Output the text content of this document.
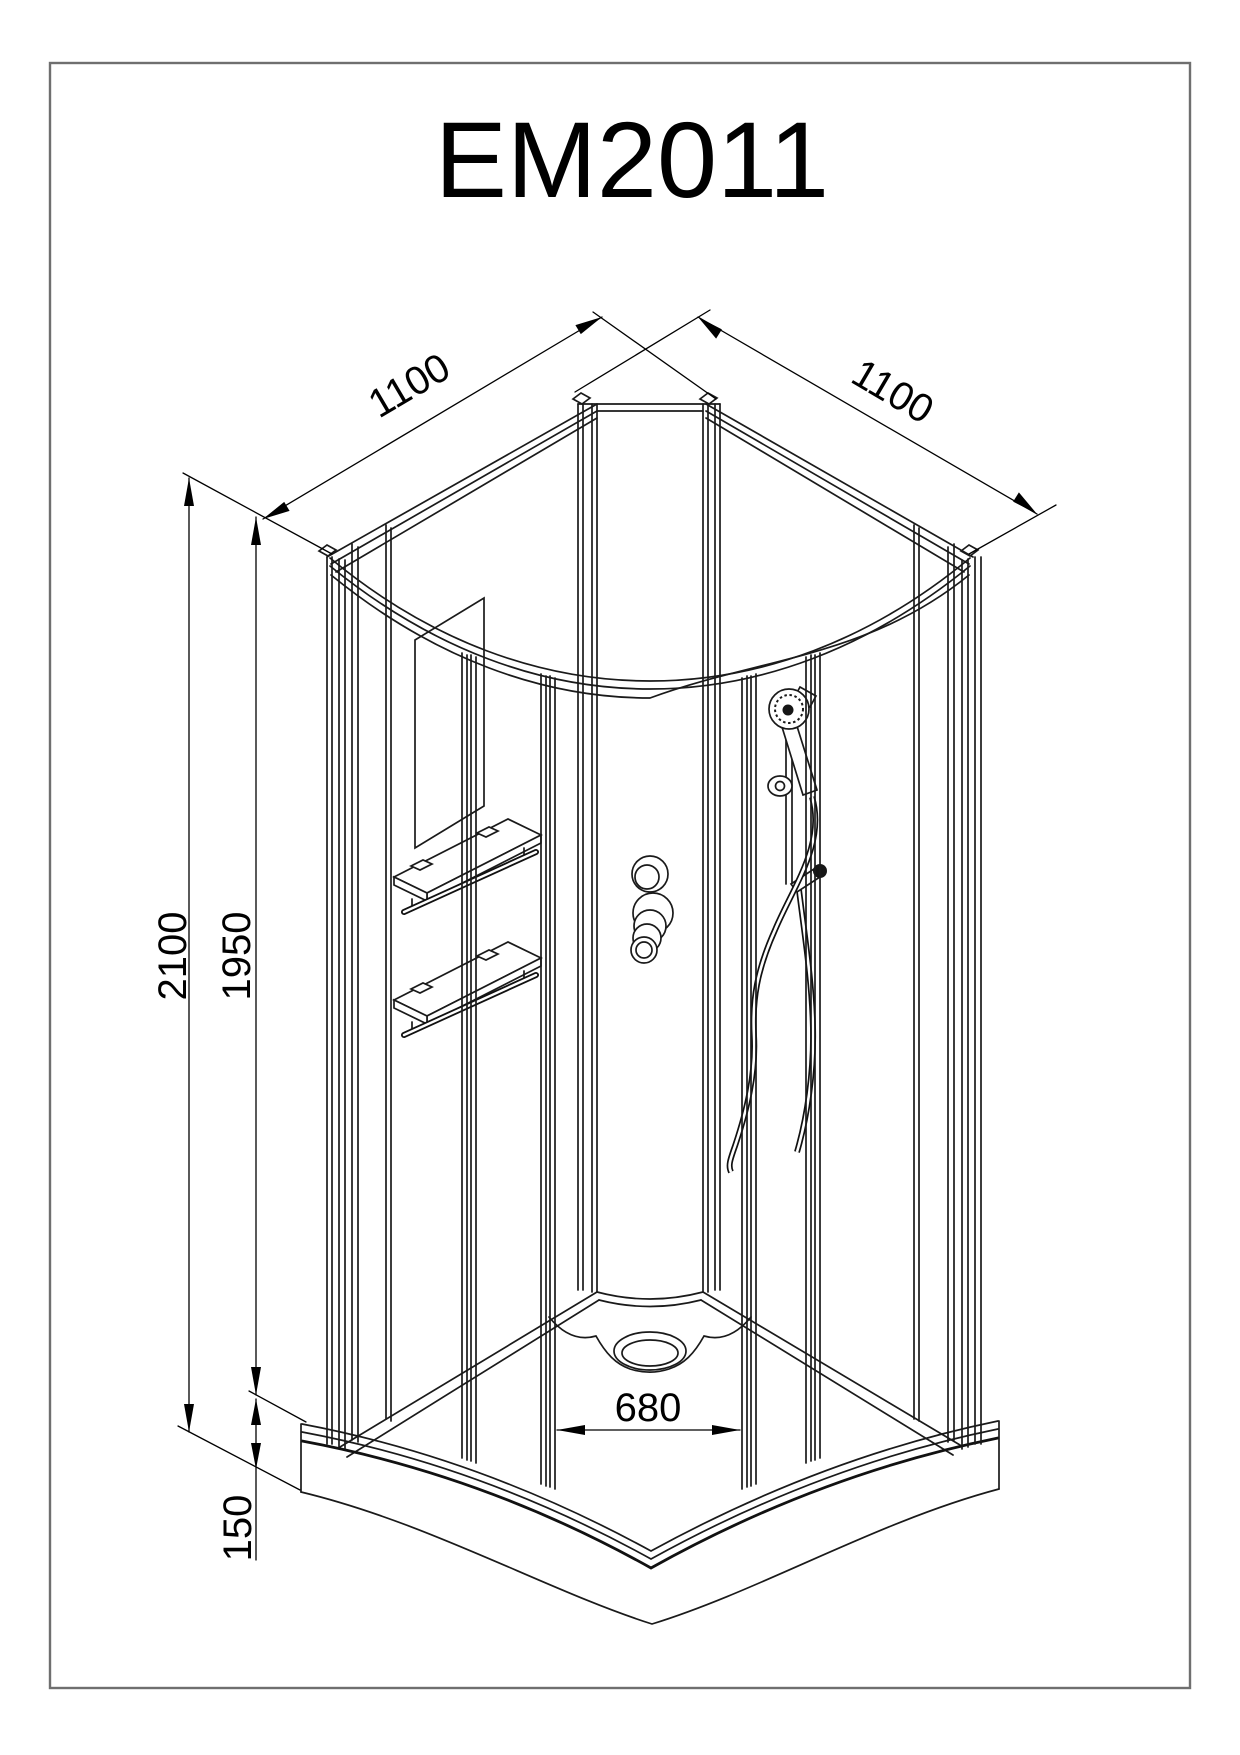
EM2011
2100 1950
150
1100	1100
680
